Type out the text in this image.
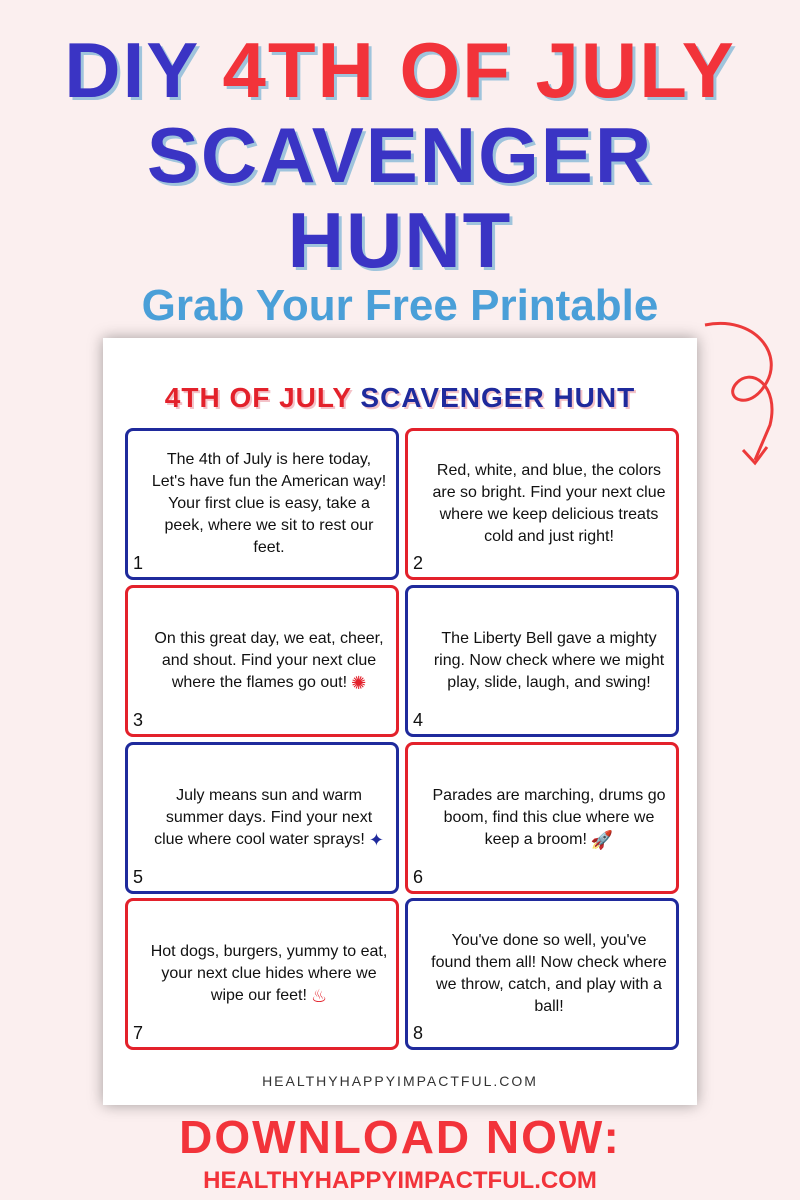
DIY 4TH OF JULY
SCAVENGER
HUNT
Grab Your Free Printable
4TH OF JULY SCAVENGER HUNT
1
The 4th of July is here today, Let's have fun the American way! Your first clue is easy, take a peek, where we sit to rest our feet.
2
Red, white, and blue, the colors are so bright. Find your next clue where we keep delicious treats cold and just right!
3
On this great day, we eat, cheer, and shout. Find your next clue where the flames go out! ✺
4
The Liberty Bell gave a mighty ring. Now check where we might play, slide, laugh, and swing!
5
July means sun and warm summer days. Find your next clue where cool water sprays! ✦
6
Parades are marching, drums go boom, find this clue where we keep a broom! 🚀
7
Hot dogs, burgers, yummy to eat, your next clue hides where we wipe our feet! ♨
8
You've done so well, you've found them all! Now check where we throw, catch, and play with a ball!
HEALTHYHAPPYIMPACTFUL.COM
DOWNLOAD NOW:
HEALTHYHAPPYIMPACTFUL.COM
